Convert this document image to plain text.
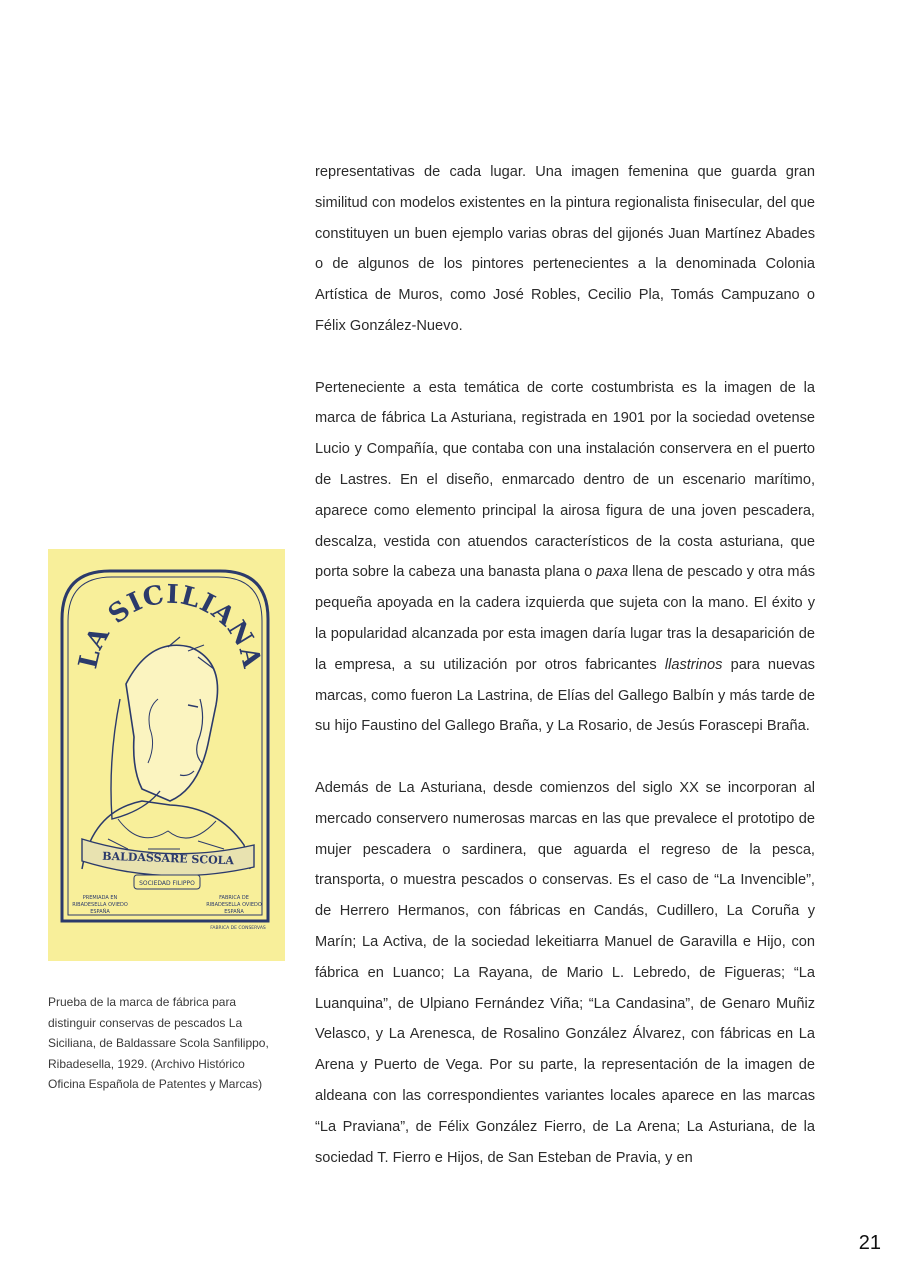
representativas de cada lugar. Una imagen femenina que guarda gran similitud con modelos existentes en la pintura regionalista finisecular, del que constituyen un buen ejemplo varias obras del gijonés Juan Martínez Abades o de algunos de los pintores pertenecientes a la denominada Colonia Artística de Muros, como José Robles, Cecilio Pla, Tomás Campuzano o Félix González-Nuevo.

Perteneciente a esta temática de corte costumbrista es la imagen de la marca de fábrica La Asturiana, registrada en 1901 por la sociedad ovetense Lucio y Compañía, que contaba con una instalación conservera en el puerto de Lastres. En el diseño, enmarcado dentro de un escenario marítimo, aparece como elemento principal la airosa figura de una joven pescadera, descalza, vestida con atuendos característicos de la costa asturiana, que porta sobre la cabeza una banasta plana o paxa llena de pescado y otra más pequeña apoyada en la cadera izquierda que sujeta con la mano. El éxito y la popularidad alcanzada por esta imagen daría lugar tras la desaparición de la empresa, a su utilización por otros fabricantes llastrinos para nuevas marcas, como fueron La Lastrina, de Elías del Gallego Balbín y más tarde de su hijo Faustino del Gallego Braña, y La Rosario, de Jesús Forascepi Braña.

Además de La Asturiana, desde comienzos del siglo XX se incorporan al mercado conservero numerosas marcas en las que prevalece el prototipo de mujer pescadera o sardinera, que aguarda el regreso de la pesca, transporta, o muestra pescados o conservas. Es el caso de “La Invencible”, de Herrero Hermanos, con fábricas en Candás, Cudillero, La Coruña y Marín; La Activa, de la sociedad lekeitiarra Manuel de Garavilla e Hijo, con fábrica en Luanco; La Rayana, de Mario L. Lebredo, de Figueras; “La Luanquina”, de Ulpiano Fernández Viña; “La Candasina”, de Genaro Muñiz Velasco, y La Arenesca, de Rosalino González Álvarez, con fábricas en La Arena y Puerto de Vega. Por su parte, la representación de la imagen de aldeana con las correspondientes variantes locales aparece en las marcas “La Praviana”, de Félix González Fierro, de La Arena; La Asturiana, de la sociedad T. Fierro e Hijos, de San Esteban de Pravia, y en

LA SICILIANA
BALDASSARE SCOLA
SOCIEDAD FILIPPO
PREMIADA EN
RIBADESELLA OVIEDO
ESPAÑA
FABRICA DE
RIBADESELLA OVIEDO
ESPAÑA
FABRICA DE CONSERVAS
Prueba de la marca de fábrica para distinguir conservas de pescados La Siciliana, de Baldassare Scola Sanfilippo, Ribadesella, 1929. (Archivo Histórico Oficina Española de Patentes y Marcas)
21
